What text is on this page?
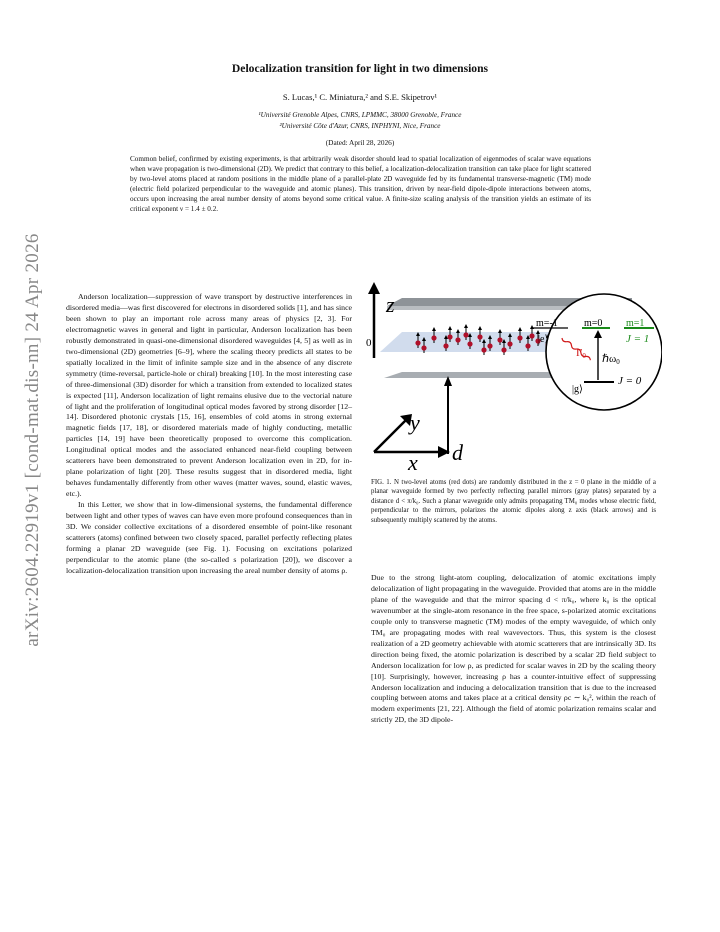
arXiv:2604.22919v1 [cond-mat.dis-nn] 24 Apr 2026
Delocalization transition for light in two dimensions
S. Lucas,¹ C. Miniatura,² and S.E. Skipetrov¹
¹Université Grenoble Alpes, CNRS, LPMMC, 38000 Grenoble, France
²Université Côte d'Azur, CNRS, INPHYNI, Nice, France
(Dated: April 28, 2026)
Common belief, confirmed by existing experiments, is that arbitrarily weak disorder should lead to spatial localization of eigenmodes of scalar wave equations when wave propagation is two-dimensional (2D). We predict that contrary to this belief, a localization-delocalization transition can take place for light scattered by two-level atoms placed at random positions in the middle plane of a parallel-plate 2D waveguide fed by its fundamental transverse-magnetic (TM) mode (electric field polarized perpendicular to the waveguide and atomic planes). This transition, driven by near-field dipole-dipole interactions between atoms, occurs upon increasing the areal number density of atoms beyond some critical value. A finite-size scaling analysis of the transition yields an estimate of its critical exponent ν = 1.4 ± 0.2.

Anderson localization—suppression of wave transport by destructive interferences in disordered media—was first discovered for electrons in disordered solids [1], and has since been shown to play an important role across many areas of physics [2, 3]. For electromagnetic waves in general and light in particular, Anderson localization has been robustly demonstrated in quasi-one-dimensional disordered waveguides [4, 5] as well as in two-dimensional (2D) geometries [6–9], where the scaling theory predicts all states to be spatially localized in the limit of infinite sample size and in the absence of any discrete symmetry (time-reversal, particle-hole or chiral) breaking [10]. In the most interesting case of three-dimensional (3D) disorder for which a transition from extended to localized states is expected [11], Anderson localization of light remains elusive due to the vectorial nature of light and the proliferation of longitudinal optical modes favored by strong disorder [12–14]. Disordered photonic crystals [15, 16], ensembles of cold atoms in strong external magnetic fields [17, 18], or disordered materials made of highly conducting, metallic particles [14, 19] have been theoretically proposed to overcome this complication. Longitudinal optical modes and the associated enhanced near-field coupling between scatterers have been demonstrated to prevent Anderson localization even in 2D, for in-plane polarization of light [20]. These results suggest that in disordered media, light behaves fundamentally differently from other waves (matter waves, sound, elastic waves, etc.).

In this Letter, we show that in low-dimensional systems, the fundamental difference between light and other types of waves can have even more profound consequences than in 3D. We consider collective excitations of a disordered ensemble of point-like resonant scatterers (atoms) confined between two closely spaced, parallel perfectly reflecting plates forming a planar 2D waveguide (see Fig. 1). Focusing on excitations polarized perpendicular to the atomic plane (the so-called s polarization [20]), we discover a localization-delocalization transition upon increasing the areal number density of atoms ρ.

z
0
y
x d
m=-1	m=0 m=1
|e⟩	J = 1
J = 0
|g⟩
ℏω0
Γ0
FIG. 1. N two-level atoms (red dots) are randomly distributed in the z = 0 plane in the middle of a planar waveguide formed by two perfectly reflecting parallel mirrors (gray plates) separated by a distance d < π/k₀. Such a planar waveguide only admits propagating TM₀ modes whose electric field, perpendicular to the mirrors, polarizes the atomic dipoles along z axis (black arrows) and is subsequently multiply scattered by the atoms.

Due to the strong light-atom coupling, delocalization of atomic excitations imply delocalization of light propagating in the waveguide. Provided that atoms are in the middle plane of the waveguide and that the mirror spacing d < π/k₀, where k₀ is the optical wavenumber at the single-atom resonance in the free space, s-polarized atomic excitations couple only to transverse magnetic (TM) modes of the empty waveguide, of which only TM₀ are propagating modes with real wavevectors. Thus, this system is the closest realization of a 2D geometry achievable with atomic scatterers that are intrinsically 3D. Its direction being fixed, the atomic polarization is described by a scalar 2D field subject to Anderson localization for low ρ, as predicted for scalar waves in 2D by the scaling theory [10]. Surprisingly, however, increasing ρ has a counter-intuitive effect of suppressing Anderson localization and inducing a delocalization transition that is due to the increased coupling between atoms and takes place at a critical density ρc ∼ k₀², within the reach of modern experiments [21, 22]. Although the field of atomic polarization remains scalar and strictly 2D, the 3D dipole-
